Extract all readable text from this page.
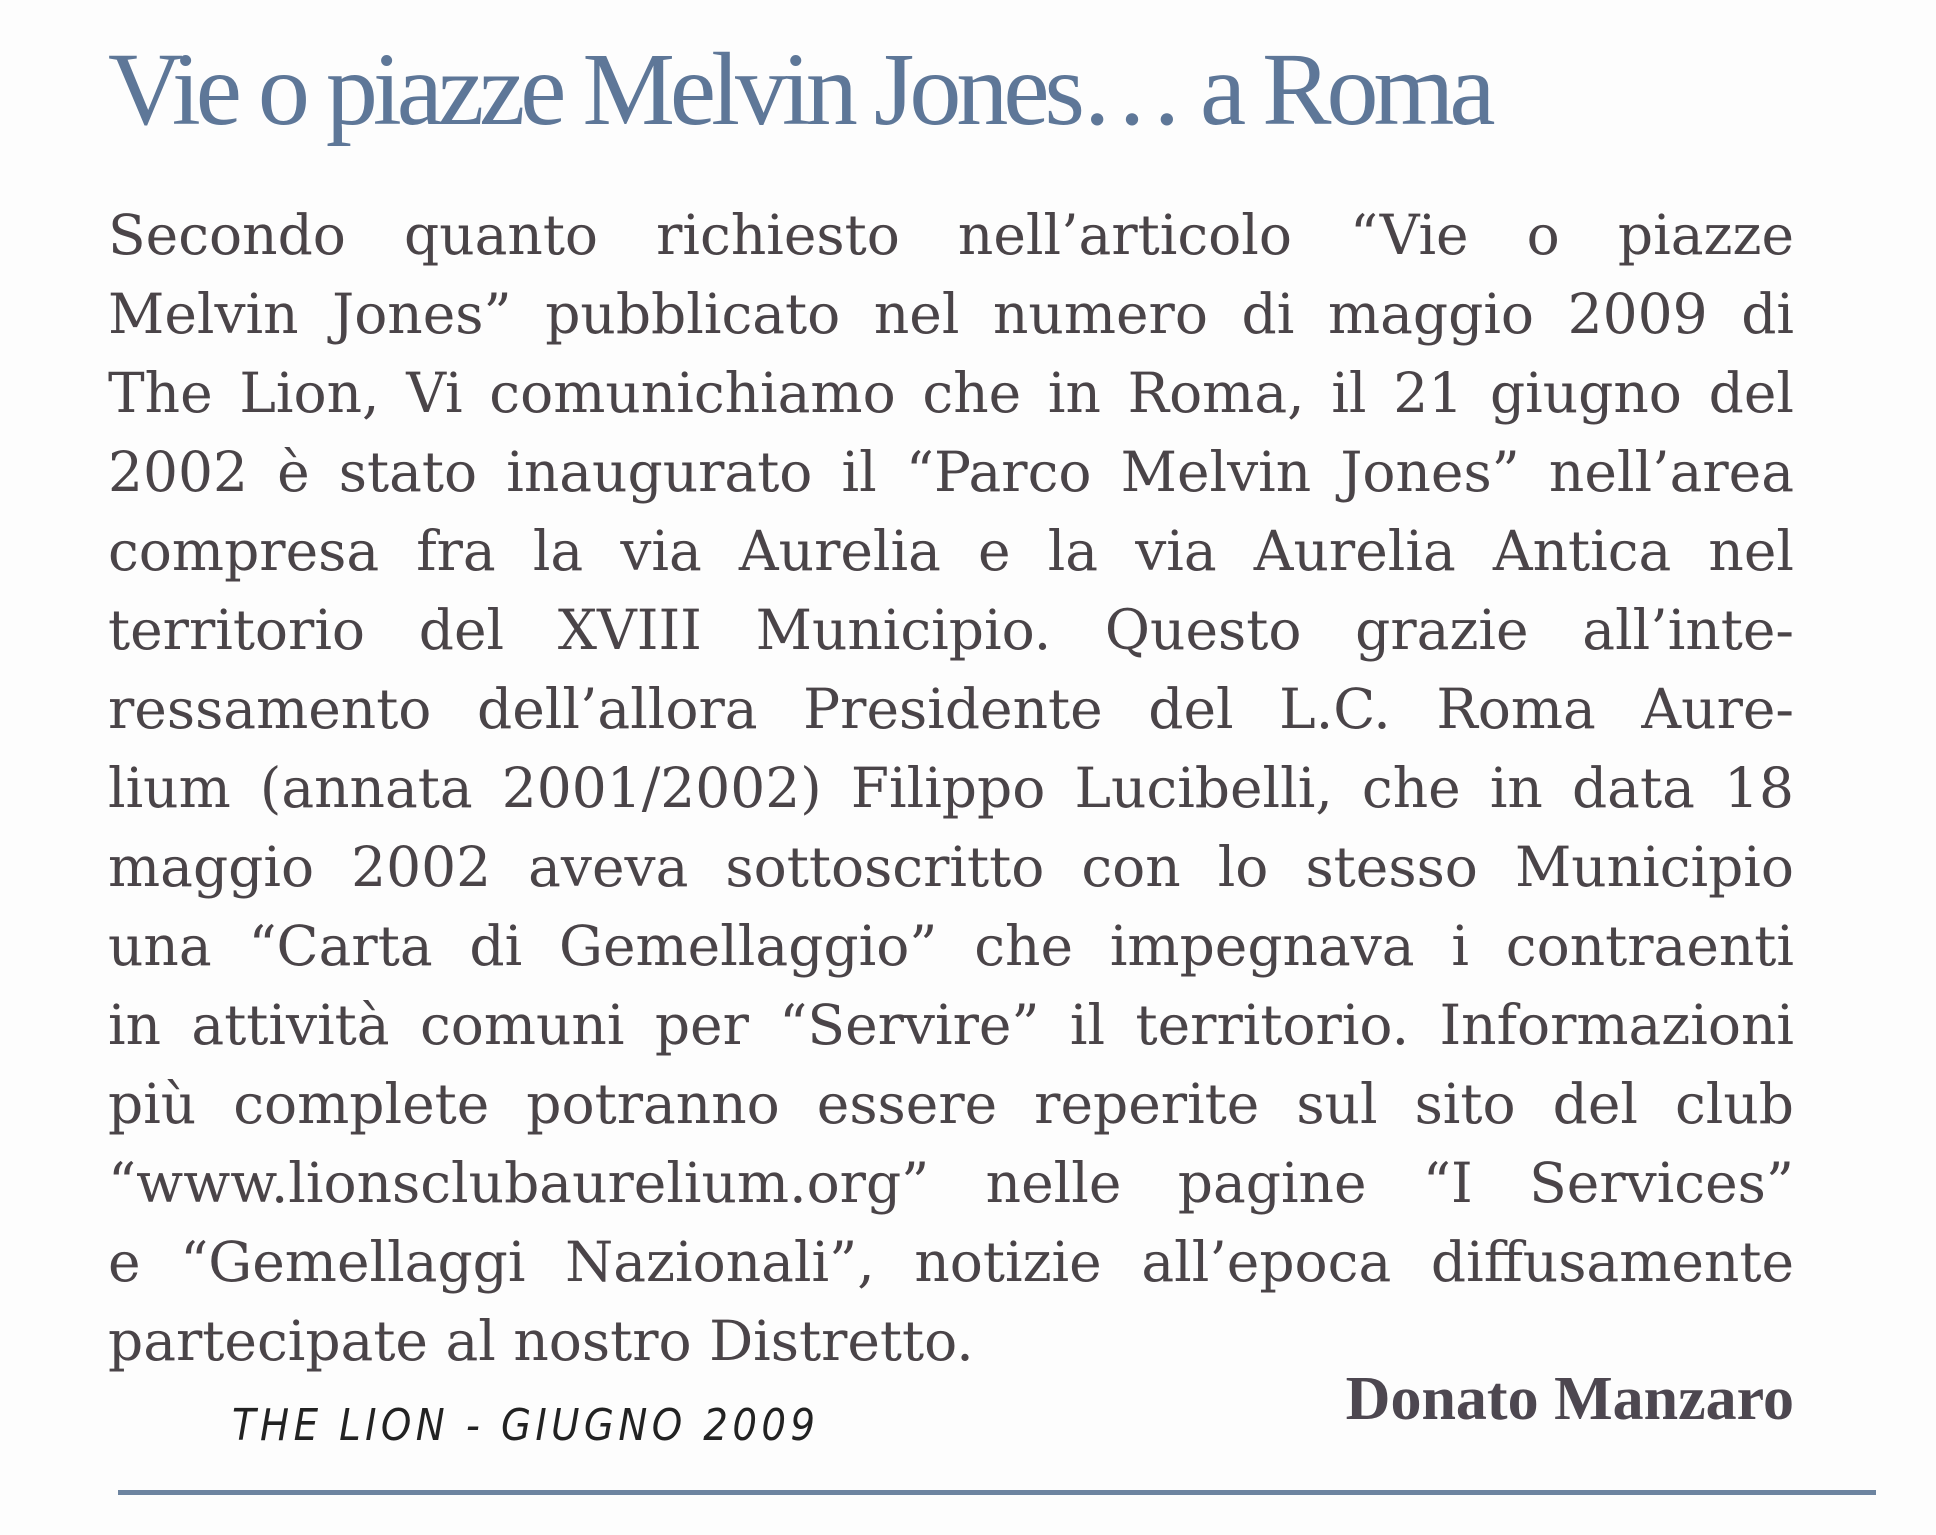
Vie o piazze Melvin Jones… a Roma
Secondo quanto richiesto nell’articolo “Vie o piazze
Melvin Jones” pubblicato nel numero di maggio 2009 di
The Lion, Vi comunichiamo che in Roma, il 21 giugno del
2002 è stato inaugurato il “Parco Melvin Jones” nell’area
compresa fra la via Aurelia e la via Aurelia Antica nel
territorio del XVIII Municipio. Questo grazie all’inte-
ressamento dell’allora Presidente del L.C. Roma Aure-
lium (annata 2001/2002) Filippo Lucibelli, che in data 18
maggio 2002 aveva sottoscritto con lo stesso Municipio
una “Carta di Gemellaggio” che impegnava i contraenti
in attività comuni per “Servire” il territorio. Informazioni
più complete potranno essere reperite sul sito del club
“www.lionsclubaurelium.org” nelle pagine “I Services”
e “Gemellaggi Nazionali”, notizie all’epoca diffusamente
partecipate al nostro Distretto.

THE LION - GIUGNO 2009	Donato Manzaro
